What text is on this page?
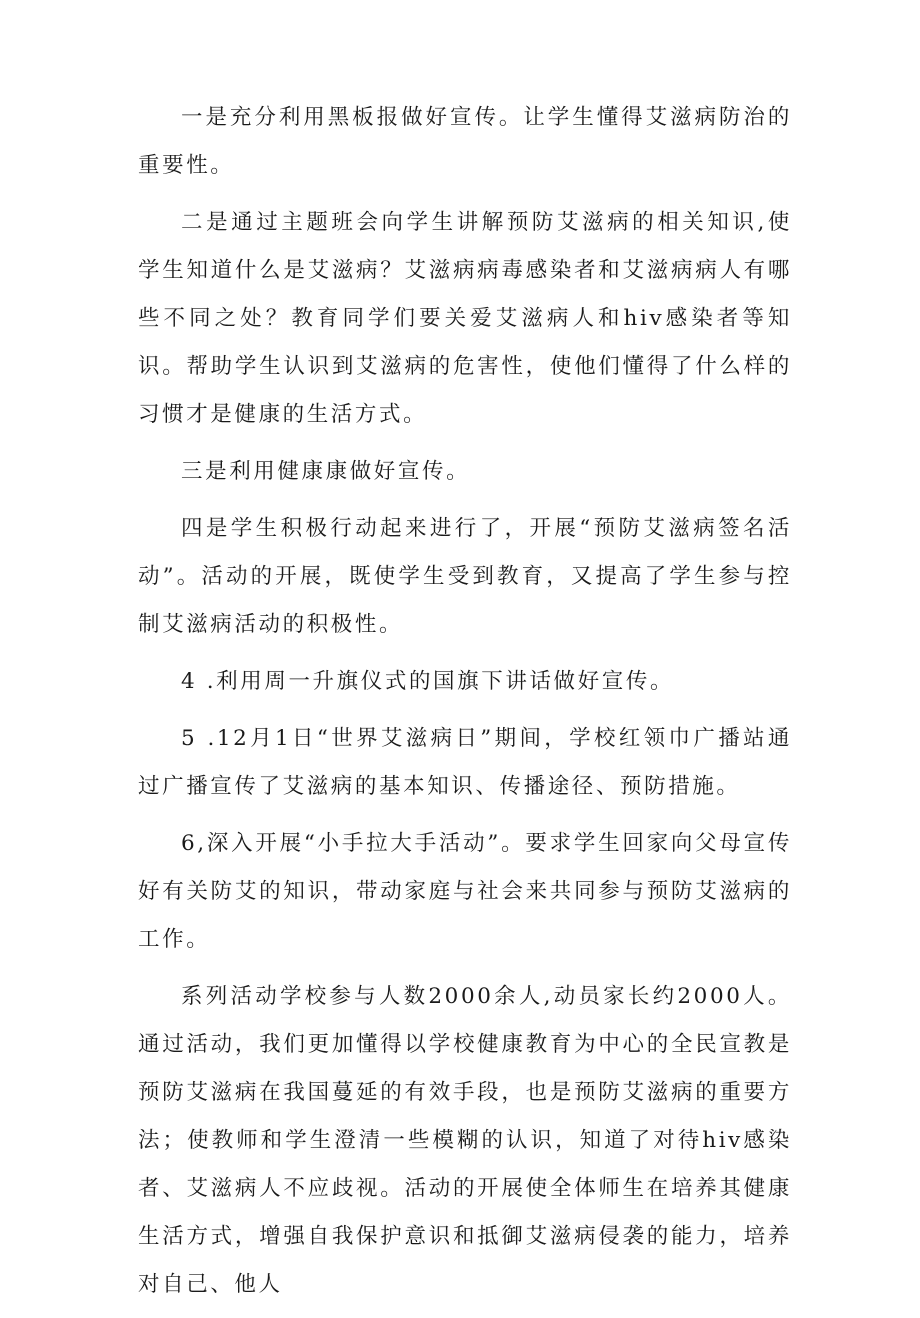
一是充分利用黑板报做好宣传。让学生懂得艾滋病防治的重要性。

二是通过主题班会向学生讲解预防艾滋病的相关知识,使学生知道什么是艾滋病？艾滋病病毒感染者和艾滋病病人有哪些不同之处？教育同学们要关爱艾滋病人和hiv感染者等知识。帮助学生认识到艾滋病的危害性，使他们懂得了什么样的习惯才是健康的生活方式。

三是利用健康康做好宣传。

四是学生积极行动起来进行了，开展“预防艾滋病签名活动”。活动的开展，既使学生受到教育，又提高了学生参与控制艾滋病活动的积极性。

4 .利用周一升旗仪式的国旗下讲话做好宣传。

5 .12月1日“世界艾滋病日”期间，学校红领巾广播站通过广播宣传了艾滋病的基本知识、传播途径、预防措施。

6,深入开展“小手拉大手活动”。要求学生回家向父母宣传好有关防艾的知识，带动家庭与社会来共同参与预防艾滋病的工作。

系列活动学校参与人数2000余人,动员家长约2000人。通过活动，我们更加懂得以学校健康教育为中心的全民宣教是预防艾滋病在我国蔓延的有效手段，也是预防艾滋病的重要方法；使教师和学生澄清一些模糊的认识，知道了对待hiv感染者、艾滋病人不应歧视。活动的开展使全体师生在培养其健康生活方式，增强自我保护意识和抵御艾滋病侵袭的能力，培养对自己、他人
